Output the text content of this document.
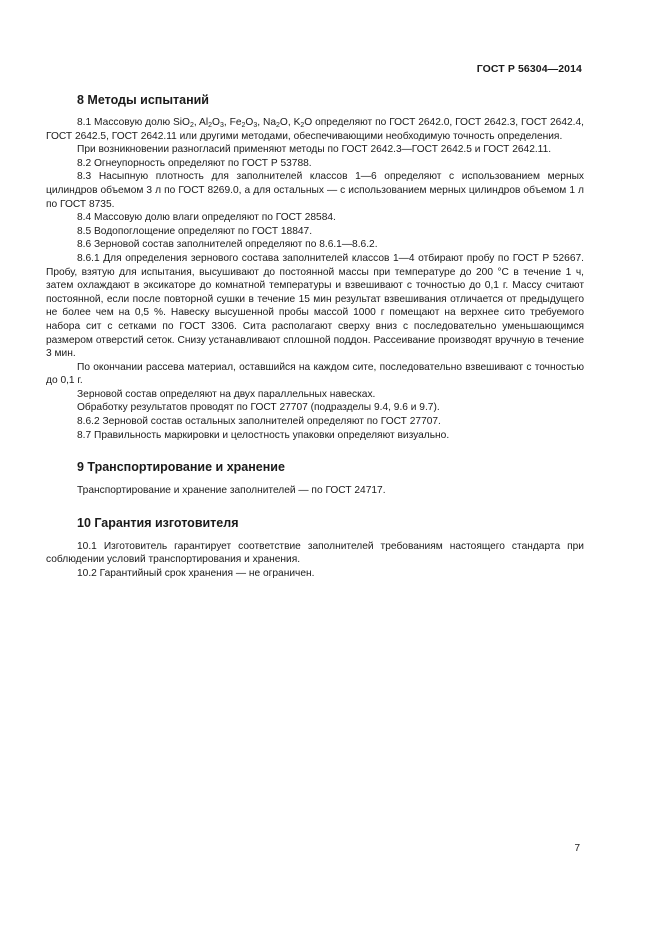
ГОСТ Р 56304—2014
8 Методы испытаний

8.1 Массовую долю SiO$_2$, $Al_2O_3$, $Fe_2O_3$, $Na_2O$, $K_2O$ определяют по ГОСТ 2642.0, ГОСТ 2642.3, ГОСТ 2642.4, ГОСТ 2642.5, ГОСТ 2642.11 или другими методами, обеспечивающими необходимую точность определения.

При возникновении разногласий применяют методы по ГОСТ 2642.3—ГОСТ 2642.5 и ГОСТ 2642.11.

8.2 Огнеупорность определяют по ГОСТ Р 53788.

8.3 Насыпную плотность для заполнителей классов 1—6 определяют с использованием мерных цилиндров объемом 3 л по ГОСТ 8269.0, а для остальных — с использованием мерных цилиндров объемом 1 л по ГОСТ 8735.

8.4 Массовую долю влаги определяют по ГОСТ 28584.

8.5 Водопоглощение определяют по ГОСТ 18847.

8.6 Зерновой состав заполнителей определяют по 8.6.1—8.6.2.

8.6.1 Для определения зернового состава заполнителей классов 1—4 отбирают пробу по ГОСТ Р 52667. Пробу, взятую для испытания, высушивают до постоянной массы при температуре до 200 °С в течение 1 ч, затем охлаждают в эксикаторе до комнатной температуры и взвешивают с точностью до 0,1 г. Массу считают постоянной, если после повторной сушки в течение 15 мин результат взвешивания отличается от предыдущего не более чем на 0,5 %. Навеску высушенной пробы массой 1000 г помещают на верхнее сито требуемого набора сит с сетками по ГОСТ 3306. Сита располагают сверху вниз с последовательно уменьшающимся размером отверстий сеток. Снизу устанавливают сплошной поддон. Рассеивание производят вручную в течение 3 мин.

По окончании рассева материал, оставшийся на каждом сите, последовательно взвешивают с точностью до 0,1 г.

Зерновой состав определяют на двух параллельных навесках.

Обработку результатов проводят по ГОСТ 27707 (подразделы 9.4, 9.6 и 9.7).

8.6.2 Зерновой состав остальных заполнителей определяют по ГОСТ 27707.

8.7 Правильность маркировки и целостность упаковки определяют визуально.

9 Транспортирование и хранение

Транспортирование и хранение заполнителей — по ГОСТ 24717.

10 Гарантия изготовителя

10.1 Изготовитель гарантирует соответствие заполнителей требованиям настоящего стандарта при соблюдении условий транспортирования и хранения.

10.2 Гарантийный срок хранения — не ограничен.

7
